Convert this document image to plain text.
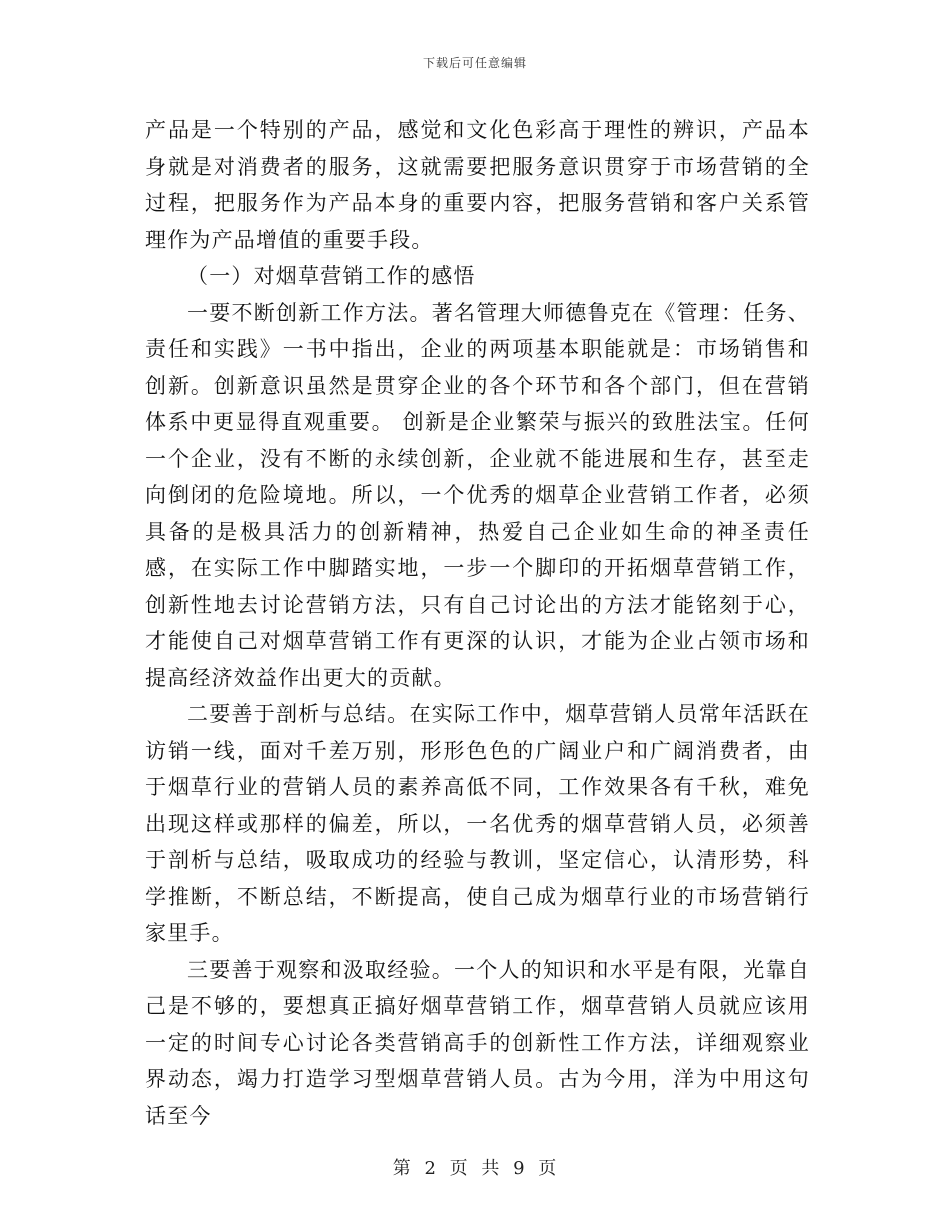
下载后可任意编辑

产品是一个特别的产品，感觉和文化色彩高于理性的辨识，产品本身就是对消费者的服务，这就需要把服务意识贯穿于市场营销的全过程，把服务作为产品本身的重要内容，把服务营销和客户关系管理作为产品增值的重要手段。

（一）对烟草营销工作的感悟

一要不断创新工作方法。著名管理大师德鲁克在《管理：任务、责任和实践》一书中指出，企业的两项基本职能就是：市场销售和创新。创新意识虽然是贯穿企业的各个环节和各个部门，但在营销体系中更显得直观重要。 创新是企业繁荣与振兴的致胜法宝。任何一个企业，没有不断的永续创新，企业就不能进展和生存，甚至走向倒闭的危险境地。所以，一个优秀的烟草企业营销工作者，必须具备的是极具活力的创新精神，热爱自己企业如生命的神圣责任感，在实际工作中脚踏实地，一步一个脚印的开拓烟草营销工作，创新性地去讨论营销方法，只有自己讨论出的方法才能铭刻于心，才能使自己对烟草营销工作有更深的认识，才能为企业占领市场和提高经济效益作出更大的贡献。

二要善于剖析与总结。在实际工作中，烟草营销人员常年活跃在访销一线，面对千差万别，形形色色的广阔业户和广阔消费者，由于烟草行业的营销人员的素养高低不同，工作效果各有千秋，难免出现这样或那样的偏差，所以，一名优秀的烟草营销人员，必须善于剖析与总结，吸取成功的经验与教训，坚定信心，认清形势，科学推断，不断总结，不断提高，使自己成为烟草行业的市场营销行家里手。

三要善于观察和汲取经验。一个人的知识和水平是有限，光靠自己是不够的，要想真正搞好烟草营销工作，烟草营销人员就应该用一定的时间专心讨论各类营销高手的创新性工作方法，详细观察业界动态，竭力打造学习型烟草营销人员。古为今用，洋为中用这句话至今

第 2 页 共 9 页
